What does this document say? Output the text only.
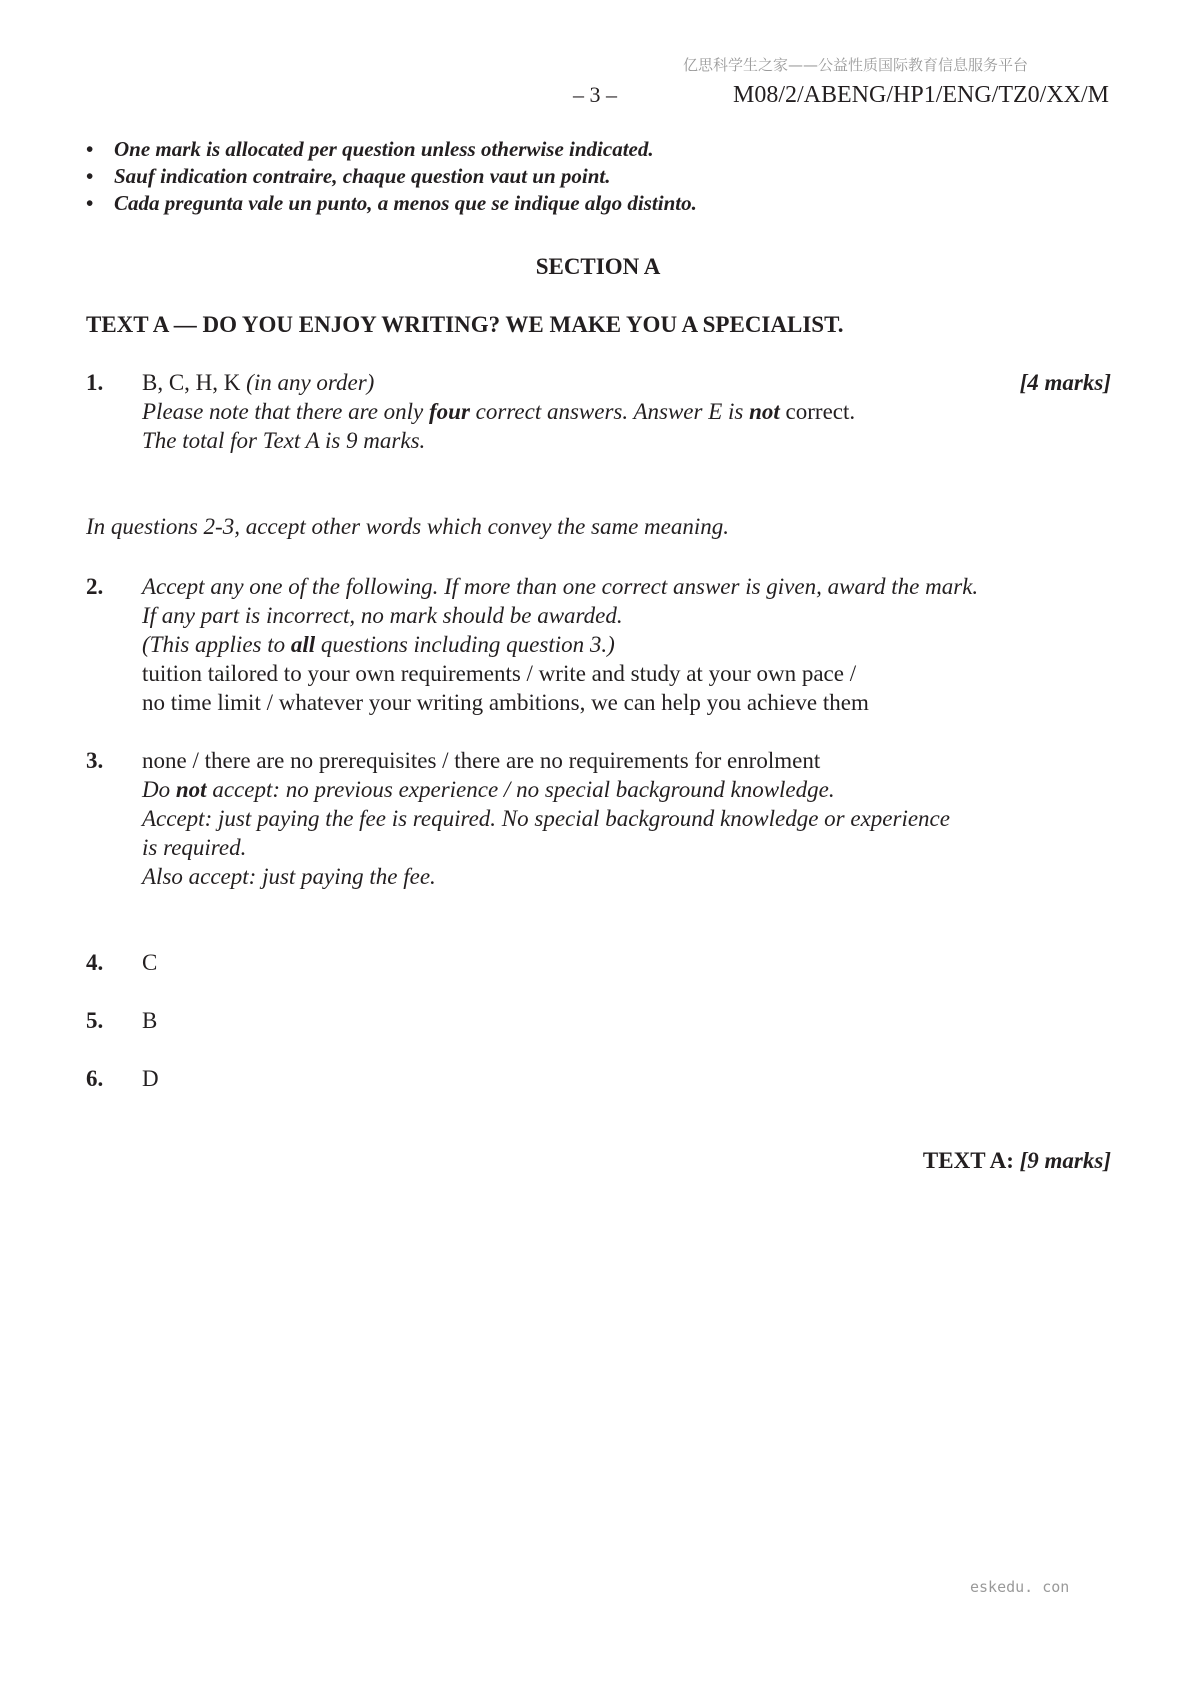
亿思科学生之家——公益性质国际教育信息服务平台
– 3 –	M08/2/ABENG/HP1/ENG/TZ0/XX/M
• One mark is allocated per question unless otherwise indicated.
• Sauf indication contraire, chaque question vaut un point.
• Cada pregunta vale un punto, a menos que se indique algo distinto.
SECTION A
TEXT A — DO YOU ENJOY WRITING? WE MAKE YOU A SPECIALIST.
1. B, C, H, K (in any order)
Please note that there are only four correct answers. Answer E is not correct.
The total for Text A is 9 marks.
[4 marks]
In questions 2-3, accept other words which convey the same meaning.
2. Accept any one of the following. If more than one correct answer is given, award the mark.
If any part is incorrect, no mark should be awarded.
(This applies to all questions including question 3.)
tuition tailored to your own requirements / write and study at your own pace /
no time limit / whatever your writing ambitions, we can help you achieve them
3. none / there are no prerequisites / there are no requirements for enrolment
Do not accept: no previous experience / no special background knowledge.
Accept: just paying the fee is required. No special background knowledge or experience
is required.
Also accept: just paying the fee.
4. C
5. B
6. D
TEXT A: [9 marks]
eskedu. con
